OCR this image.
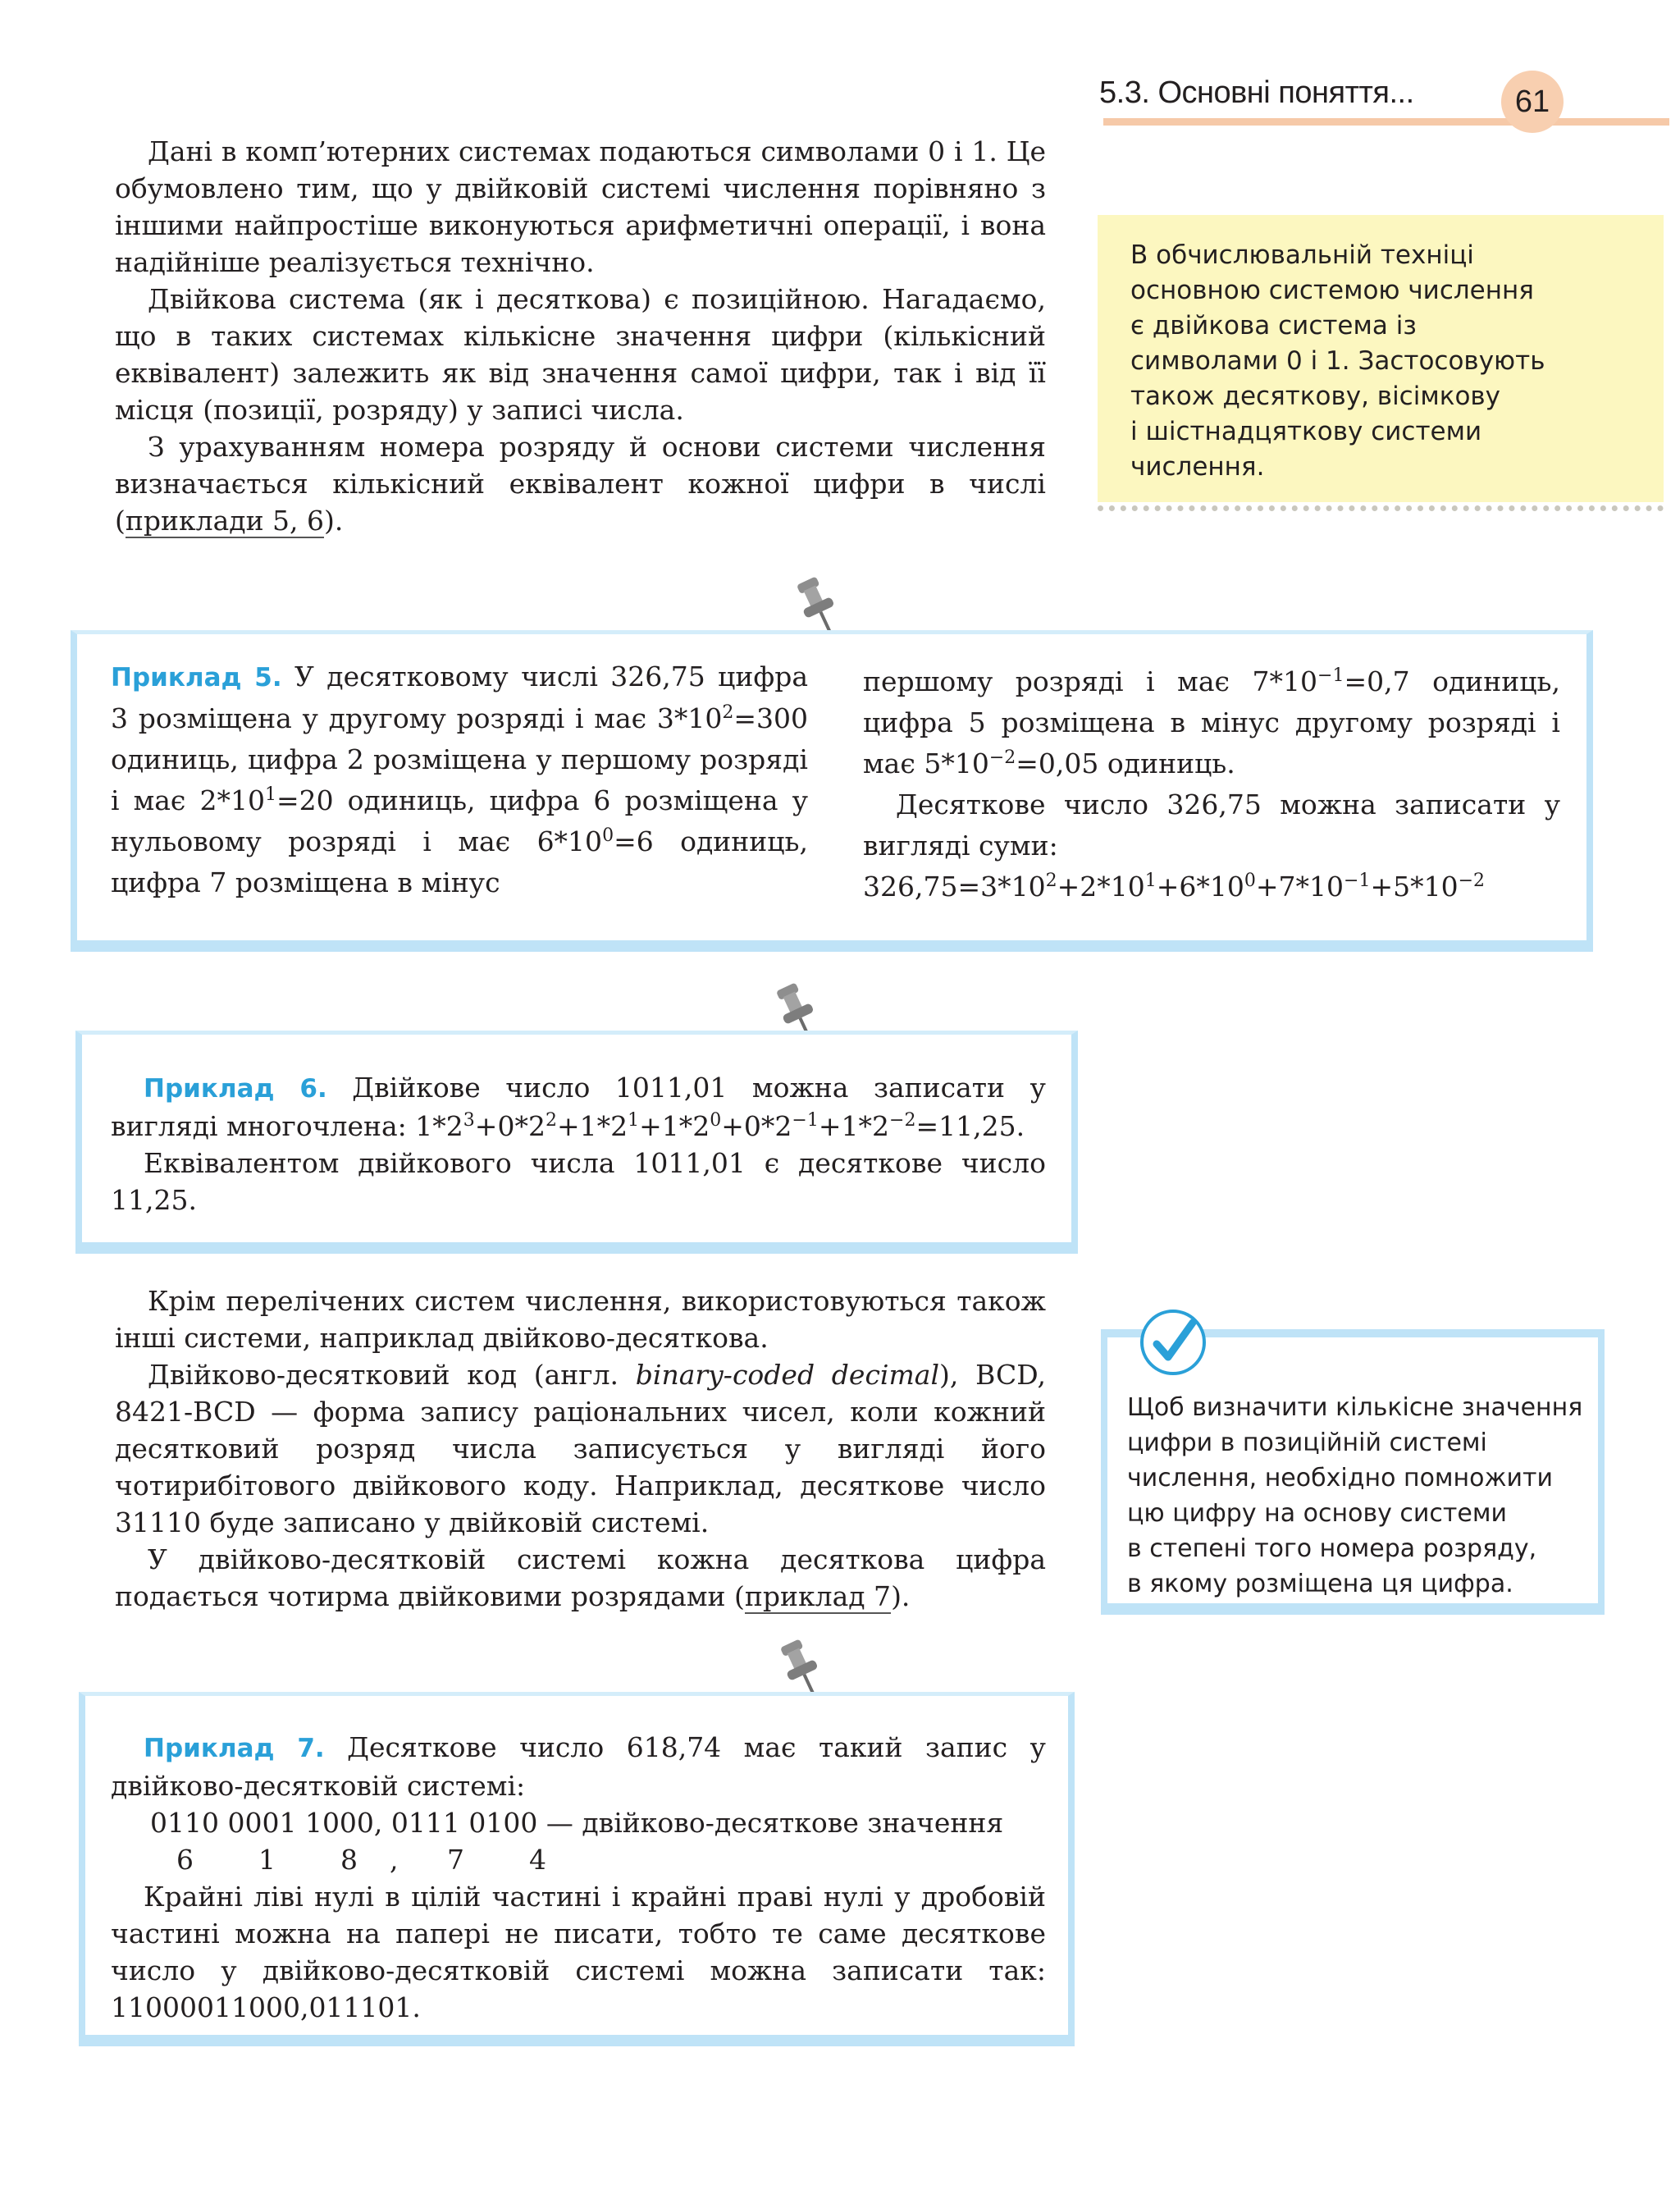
5.3. Основні поняття...	61

Дані в комп’ютерних системах подаються символами 0 і 1. Це обумовлено тим, що у двійковій системі числення порівняно з іншими найпростіше виконуються арифметичні операції, і вона надійніше реалізується технічно.

Двійкова система (як і десяткова) є позиційною. Нагадаємо, що в таких системах кількісне значення цифри (кількісний еквівалент) залежить як від значення самої цифри, так і від її місця (позиції, розряду) у записі числа.

З урахуванням номера розряду й основи системи числення визначається кількісний еквівалент кожної цифри в числі (приклади 5, 6).

В обчислювальній техніці
основною системою числення
є двійкова система із
символами 0 і 1. Застосовують
також десяткову, вісімкову
і шістнадцяткову системи
числення.
Приклад 5. У десятковому числі 326,75 цифра 3 розміщена у другому розряді і має $3*10^2=300$ одиниць, цифра 2 розміщена у першому розряді і має $2*10^1=20$ одиниць, цифра 6 розміщена у нульовому розряді і має $6*10^0=6$ одиниць, цифра 7 розміщена в мінус
першому розряді і має $7*10^{-1}=0,7$ одиниць, цифра 5 розміщена в мінус другому розряді і має $5*10^{-2}=0,05$ одиниць.
Десяткове число 326,75 можна записати у вигляді суми:
$326,75=3*10^2+2*10^1+6*10^0+7*10^{-1}+5*10^{-2}$

Приклад 6. Двійкове число 1011,01 можна записати у вигляді многочлена: $1*2^3+0*2^2+1*2^1+1*2^0+0*2^{-1}+1*2^{-2}=11,25$.

Еквівалентом двійкового числа 1011,01 є десяткове число 11,25.

Крім перелічених систем числення, використовуються також інші системи, наприклад двійково-десяткова.

Двійково-десятковий код (англ. binary-coded decimal), BCD, 8421-BCD — форма запису раціональних чисел, коли кожний десятковий розряд числа записується у вигляді його чотирибітового двійкового коду. Наприклад, десяткове число 31110 буде записано у двійковій системі.

У двійково-десятковій системі кожна десяткова цифра подається чотирма двійковими розрядами (приклад 7).

Щоб визначити кількісне значення
цифри в позиційній системі
числення, необхідно помножити
цю цифру на основу системи
в степені того номера розряду,
в якому розміщена ця цифра.
Приклад 7. Десяткове число 618,74 має такий запис у двійково-десятковій системі:
0110 0001 1000, 0111 0100 — двійково-десяткове значення
6 1 8 , 7 4
Крайні ліві нулі в цілій частині і крайні праві нулі у дробовій частині можна на папері не писати, тобто те саме десяткове число у двійково-десятковій системі можна записати так: 11000011000,011101.
